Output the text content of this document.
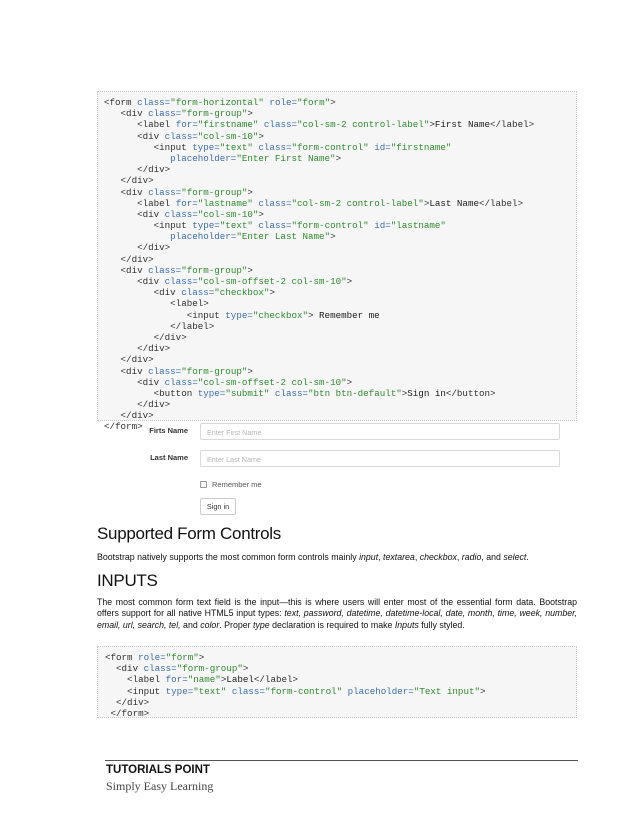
<form class="form-horizontal" role="form">
<div class="form-group">
<label for="firstname" class="col-sm-2 control-label">First Name</label>
<div class="col-sm-10">
<input type="text" class="form-control" id="firstname"
placeholder="Enter First Name">
</div>
</div>
<div class="form-group">
<label for="lastname" class="col-sm-2 control-label">Last Name</label>
<div class="col-sm-10">
<input type="text" class="form-control" id="lastname"
placeholder="Enter Last Name">
</div>
</div>
<div class="form-group">
<div class="col-sm-offset-2 col-sm-10">
<div class="checkbox">
<label>
<input type="checkbox"> Remember me
</label>
</div>
</div>
</div>
<div class="form-group">
<div class="col-sm-offset-2 col-sm-10">
<button type="submit" class="btn btn-default">Sign in</button>
</div>
</div>
</form> Firts Name	Enter First Name
Last Name	Enter Last Name
Remember me
Sign in
Supported Form Controls
Bootstrap natively supports the most common form controls mainly input, textarea, checkbox, radio, and select.
INPUTS
The most common form text field is the input—this is where users will enter most of the essential form data. Bootstrap offers support for all native HTML5 input types: text, password, datetime, datetime-local, date, month, time, week, number, email, url, search, tel, and color. Proper type declaration is required to make Inputs fully styled.
<form role="form">
<div class="form-group">
<label for="name">Label</label>
<input type="text" class="form-control" placeholder="Text input">
</div>
</form>
TUTORIALS POINT
Simply Easy Learning
